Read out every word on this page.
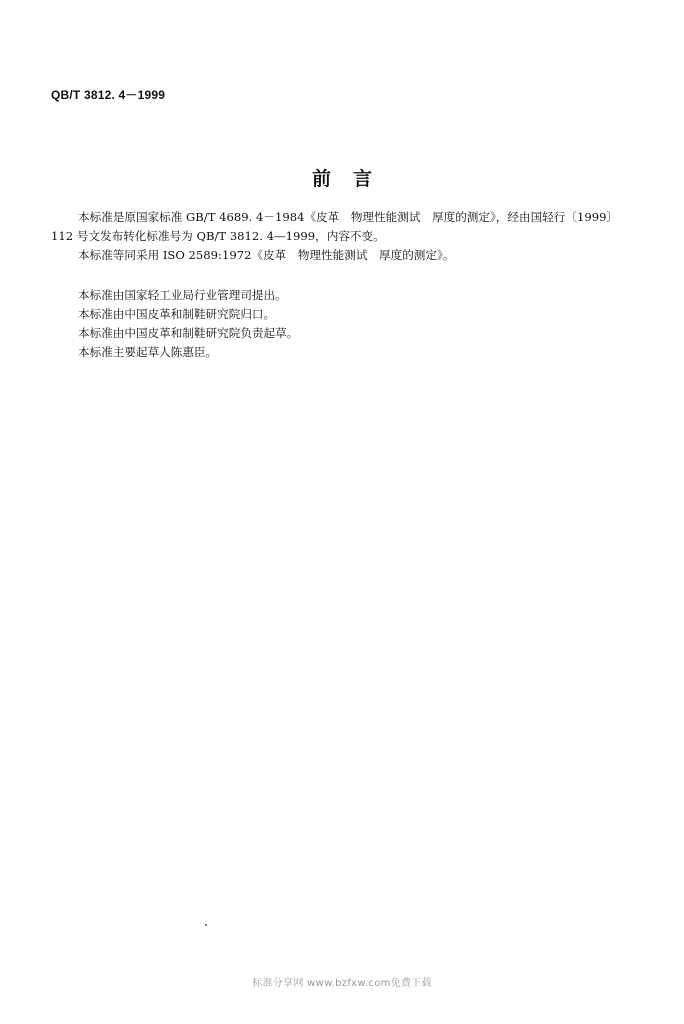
QB/T 3812. 4－1999
前言
本标准是原国家标准 GB/T 4689. 4－1984《皮革　物理性能测试　厚度的测定》，经由国轻行〔1999〕
112 号文发布转化标准号为 QB/T 3812. 4—1999，内容不变。
本标准等同采用 ISO 2589:1972《皮革　物理性能测试　厚度的测定》。
本标准由国家轻工业局行业管理司提出。
本标准由中国皮革和制鞋研究院归口。
本标准由中国皮革和制鞋研究院负责起草。
本标准主要起草人陈惠臣。
标准分享网 www.bzfxw.com免费下载
